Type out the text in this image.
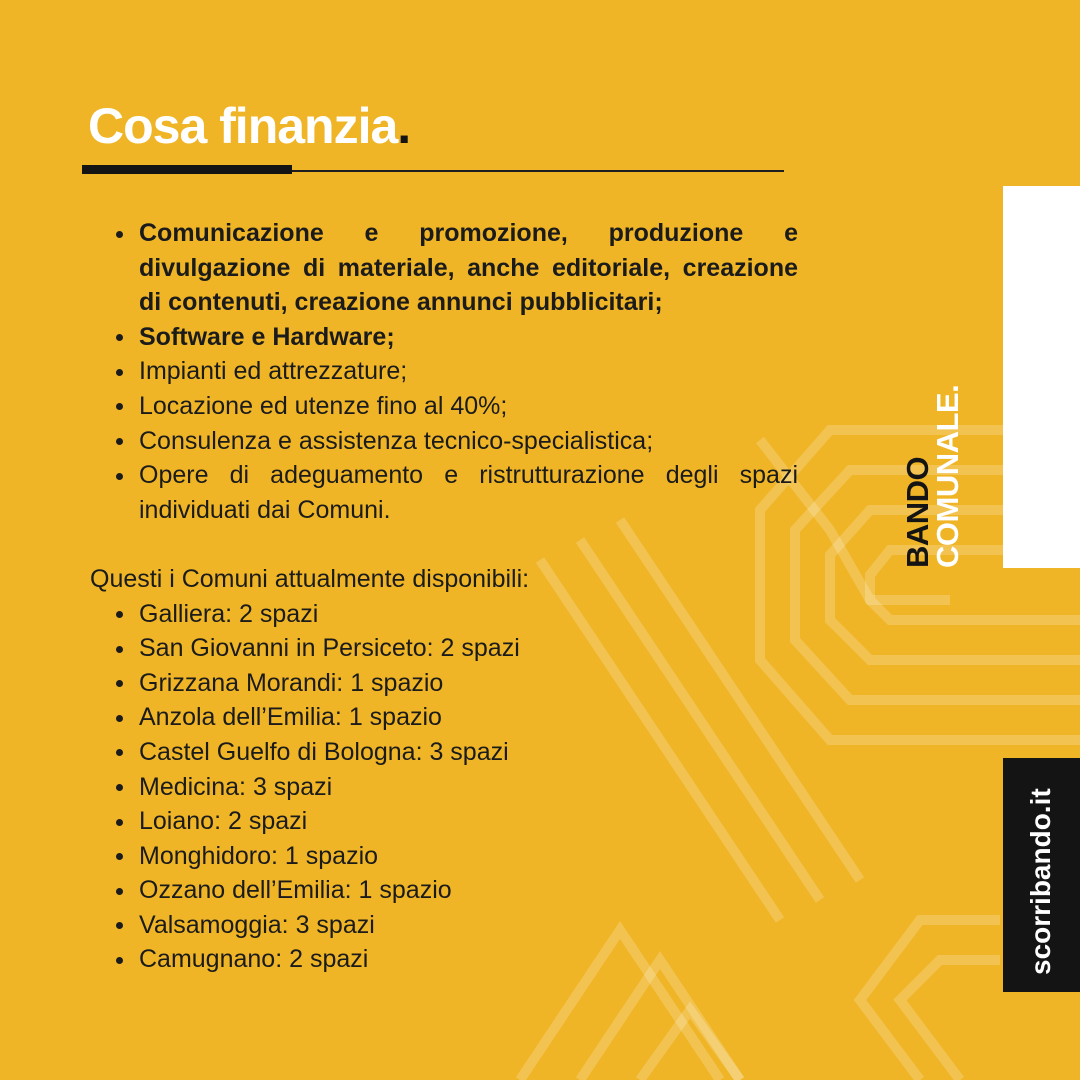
Cosa finanzia.
Comunicazione e promozione, produzione e divulgazione di materiale, anche editoriale, creazione di contenuti, creazione annunci pubblicitari;
Software e Hardware;
Impianti ed attrezzature;
Locazione ed utenze fino al 40%;
Consulenza e assistenza tecnico-specialistica;
Opere di adeguamento e ristrutturazione degli spazi individuati dai Comuni.

Questi i Comuni attualmente disponibili:

Galliera: 2 spazi
San Giovanni in Persiceto: 2 spazi
Grizzana Morandi: 1 spazio
Anzola dell’Emilia: 1 spazio
Castel Guelfo di Bologna: 3 spazi
Medicina: 3 spazi
Loiano: 2 spazi
Monghidoro: 1 spazio
Ozzano dell’Emilia: 1 spazio
Valsamoggia: 3 spazi
Camugnano: 2 spazi
BANDO
COMUNALE.
scorribando.it
